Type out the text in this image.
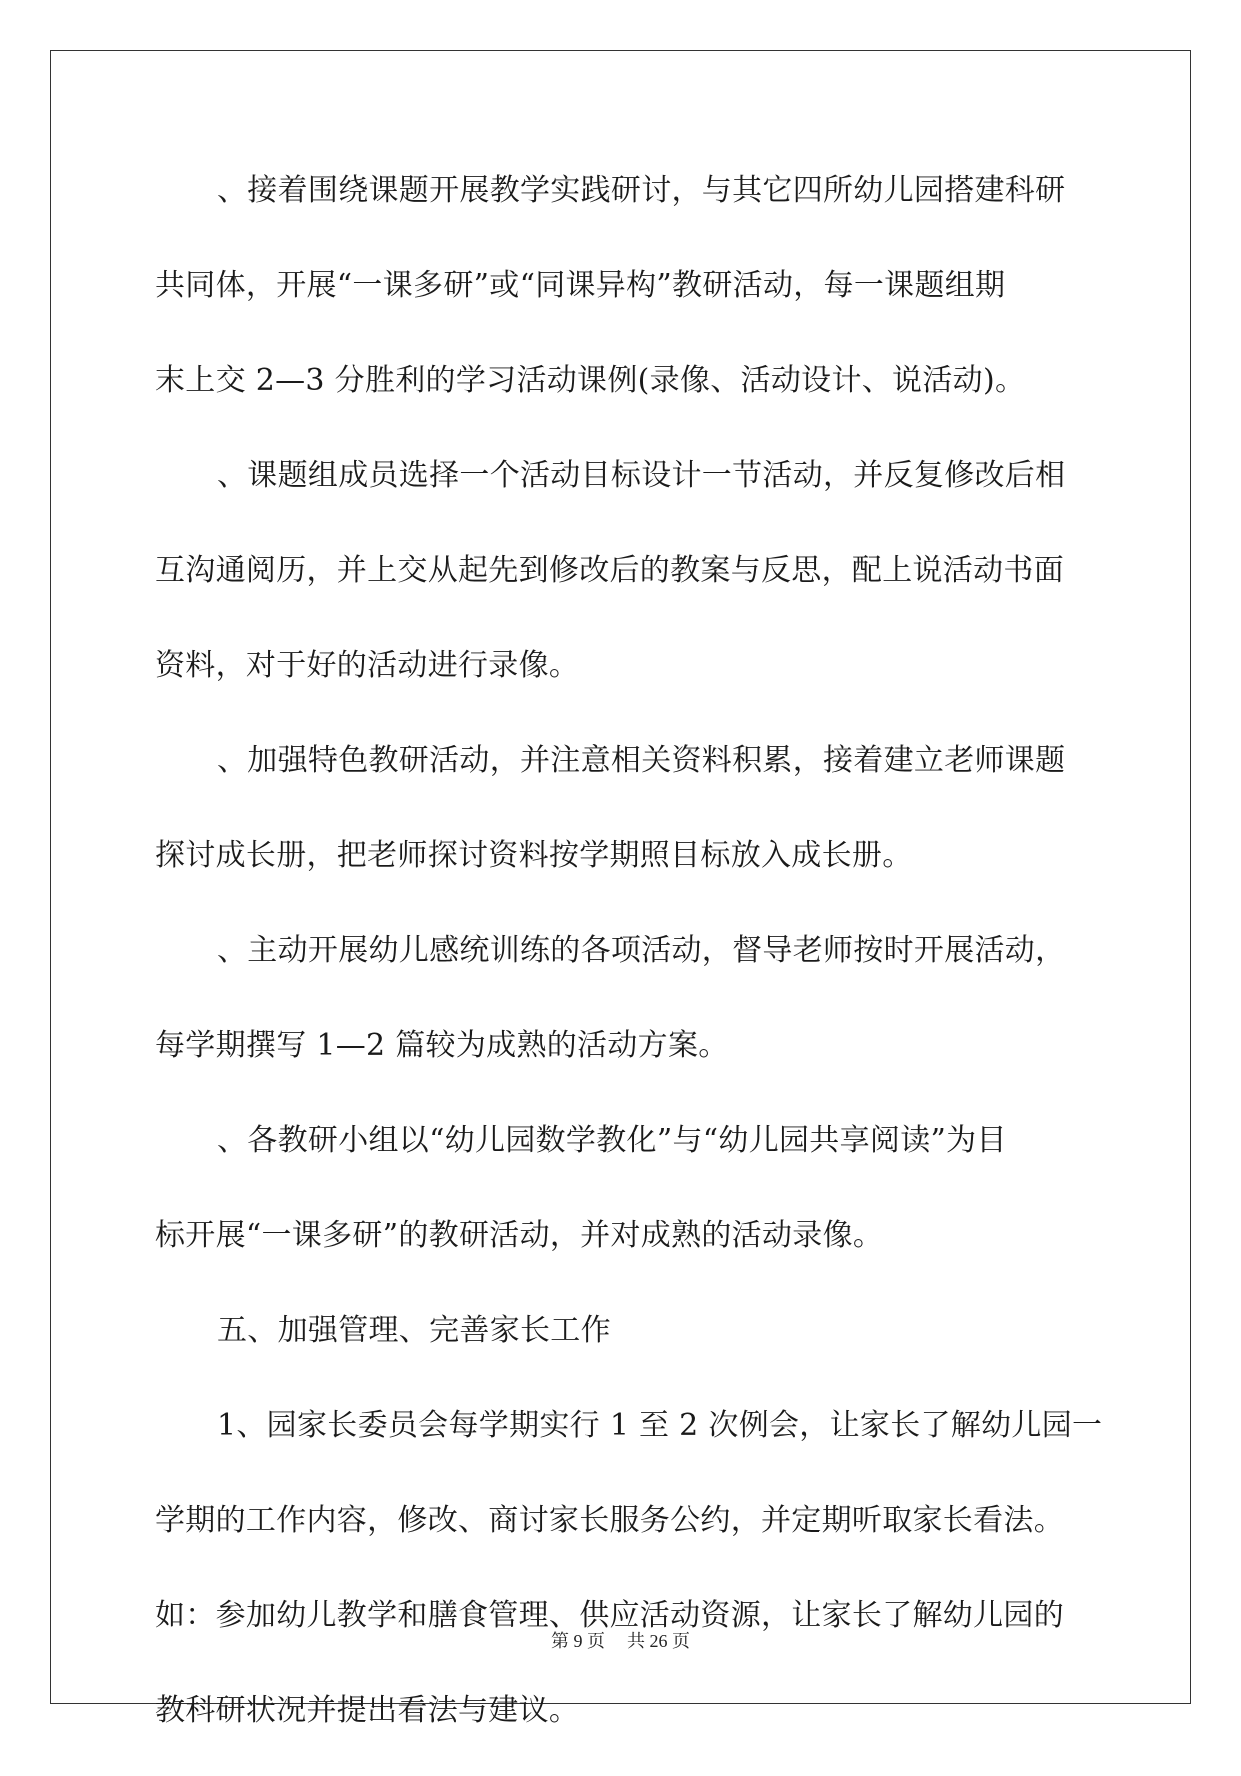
、接着围绕课题开展教学实践研讨，与其它四所幼儿园搭建科研
共同体，开展“一课多研”或“同课异构”教研活动，每一课题组期
末上交 2—3 分胜利的学习活动课例(录像、活动设计、说活动)。
、课题组成员选择一个活动目标设计一节活动，并反复修改后相
互沟通阅历，并上交从起先到修改后的教案与反思，配上说活动书面
资料，对于好的活动进行录像。
、加强特色教研活动，并注意相关资料积累，接着建立老师课题
探讨成长册，把老师探讨资料按学期照目标放入成长册。
、主动开展幼儿感统训练的各项活动，督导老师按时开展活动，
每学期撰写 1—2 篇较为成熟的活动方案。
、各教研小组以“幼儿园数学教化”与“幼儿园共享阅读”为目
标开展“一课多研”的教研活动，并对成熟的活动录像。
五、加强管理、完善家长工作
1、园家长委员会每学期实行 1 至 2 次例会，让家长了解幼儿园一
学期的工作内容，修改、商讨家长服务公约，并定期听取家长看法。
如：参加幼儿教学和膳食管理、供应活动资源，让家长了解幼儿园的
教科研状况并提出看法与建议。
第 9 页 共 26 页
